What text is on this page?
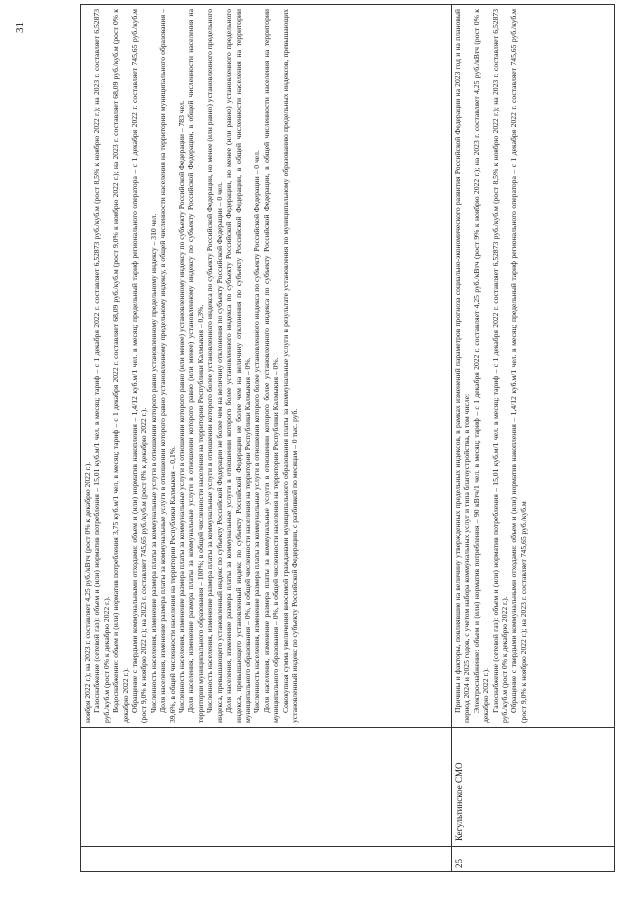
ноября 2022 г.); на 2023 г. составляет 4,25 руб./кВтч (рост 0% к декабрю 2022 г.). Газоснабжение (сетевой газ): объем и (или) норматив потребления – 15,01 куб.м/1 чел. в месяц; тариф – с 1 декабря 2022 г. составляет 6,52873 руб./куб.м (рост 8,5% к ноябрю 2022 г.); на 2023 г. составляет 6,52873 руб./куб.м (рост 0% к декабрю 2022 г.). Водоснабжение: объем и (или) норматив потребления 3,75 куб.м/1 чел. в месяц; тариф – с 1 декабря 2022 г. составляет 68,09 руб./куб.м (рост 9,0% к ноябрю 2022 г.); на 2023 г. составляет 68,09 руб./куб.м (рост 0% к декабрю 2022 г.). Обращение с твердыми коммунальными отходами: объем и (или) норматив накопления – 1,4/12 куб.м/1 чел. в месяц; предельный тариф регионального оператора – с 1 декабря 2022 г. составляет 745,65 руб./куб.м (рост 9,0% к ноябрю 2022 г.); на 2023 г. составляет 745,65 руб./куб.м (рост 0% к декабрю 2022 г.). Численность населения, изменение размера платы за коммунальные услуги в отношении которого равно установленному предельному индексу – 310 чел. Доля населения, изменение размера платы за коммунальные услуги в отношении которого равно установленному предельному индексу, в общей численности населения на территории муниципального образования – 39,6%, в общей численности населения на территории Республики Калмыкия – 0,1%. Численность населения, изменение размера платы за коммунальные услуги в отношении которого равно (или менее) установленному индексу по субъекту Российской Федерации – 783 чел. Доля населения, изменение размера платы за коммунальные услуги в отношении которого равно (или менее) установленному индексу по субъекту Российской Федерации, в общей численности населения на территории муниципального образования – 100%; в общей численности населения на территории Республики Калмыкия – 0,3%. Численность населения, изменение размера платы за коммунальные услуги в отношении которого более установленного индекса по субъекту Российской Федерации, но менее (или равно) установленного предельного индекса, превышающего установленный индекс по субъекту Российской Федерации не более чем на величину отклонения по субъекту Российской Федерации – 0 чел. Доля населения, изменение размера платы за коммунальные услуги в отношении которого более установленного индекса по субъекту Российской Федерации, но менее (или равно) установленного предельного индекса, превышающего установленный индекс по субъекту Российской Федерации не более чем на величину отклонения по субъекту Российской Федерации, в общей численности населения на территории муниципального образования – 0%, в общей численности населения на территории Республики Калмыкия – 0%. Численность населения, изменение размера платы за коммунальные услуги в отношении которого более установленного индекса по субъекту Российской Федерации – 0 чел. Доля населения, изменение размера платы за коммунальные услуги в отношении которого более установленного индекса по субъекту Российской Федерации, в общей численности населения на территории муниципального образования – 0%, в общей численности населения на территории Республики Калмыкия – 0%. Совокупная сумма увеличения вносимой гражданами муниципального образования платы за коммунальные услуги в результате установления по муниципальному образованию предельных индексов, превышающих установленный индекс по субъекту Российской Федерации, с разбивкой по месяцам – 0 тыс. руб.

25
Кегультинское СМО

Причины и факторы, повлиявшие на величину утвержденных предельных индексов, в рамках изменений параметров прогноза социально-экономического развития Российской Федерации на 2023 год и на плановый период 2024 и 2025 годов, с учетом набора коммунальных услуг и типа благоустройства, в том числе: Электроснабжение: объем и (или) норматив потребления – 90 кВтч/1 чел. в месяц; тариф – с 1 декабря 2022 г. составляет 4,25 руб./кВтч (рост 9% к ноябрю 2022 г.); на 2023 г. составляет 4,25 руб./кВтч (рост 0% к декабрю 2022 г.). Газоснабжение (сетевой газ): объем и (или) норматив потребления – 15,01 куб.м/1 чел. в месяц; тариф – с 1 декабря 2022 г. составляет 6,52873 руб./куб.м (рост 8,5% к ноябрю 2022 г.); на 2023 г. составляет 6,52873 руб./куб.м (рост 0% к декабрю 2022 г.). Обращение с твердыми коммунальными отходами: объем и (или) норматив накопления – 1,4/12 куб.м/1 чел. в месяц; предельный тариф регионального оператора – с 1 декабря 2022 г. составляет 745,65 руб./куб.м (рост 9,0% к ноябрю 2022 г.); на 2023 г. составляет 745,65 руб./куб.м

31
